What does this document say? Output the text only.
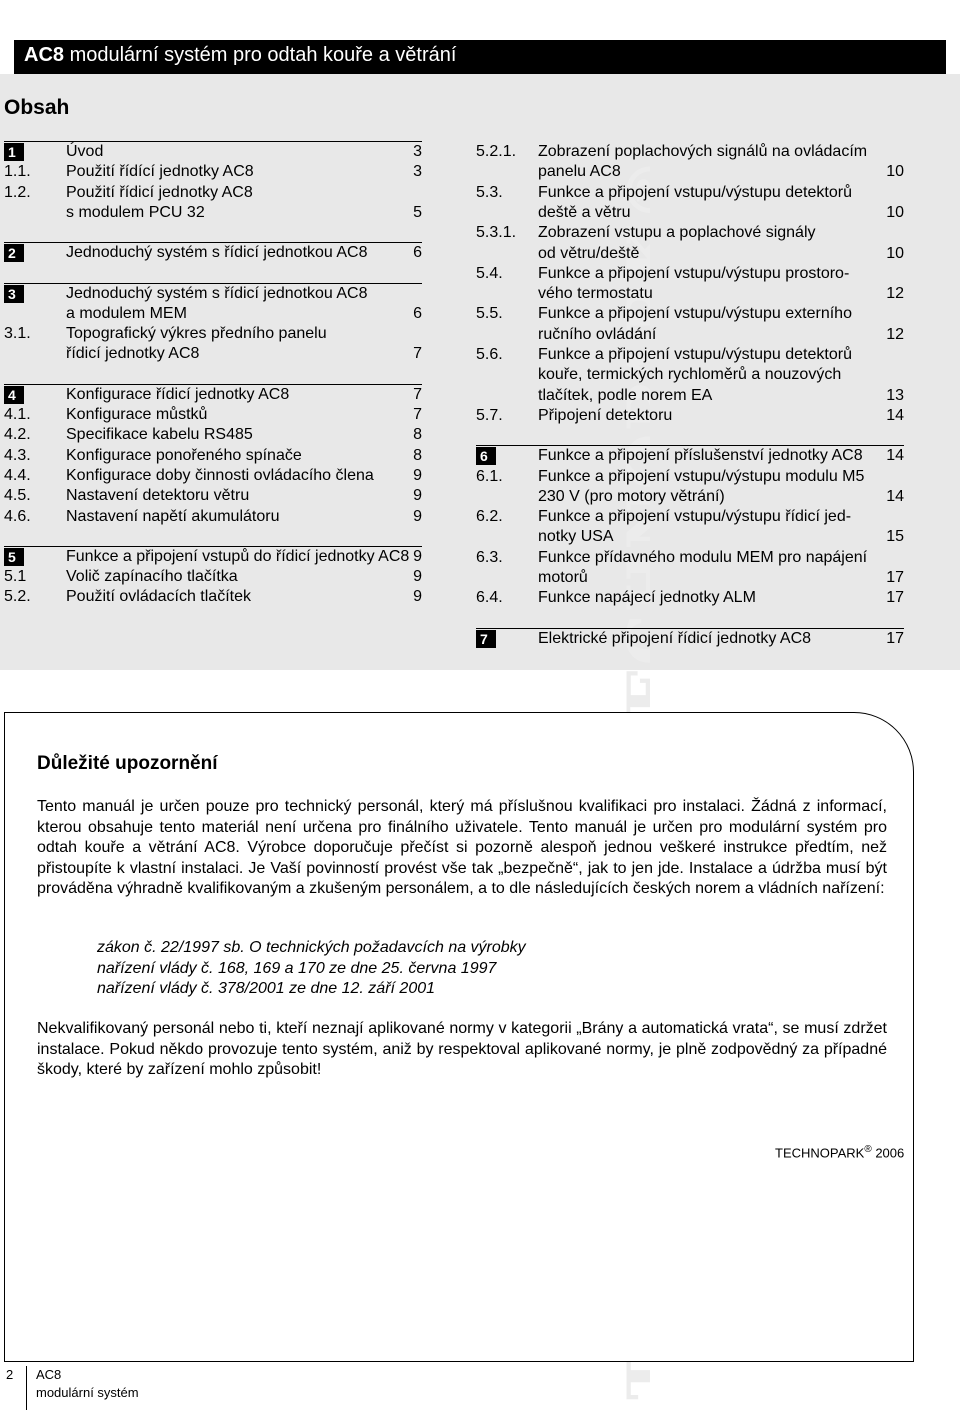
AC8 modulární systém pro odtah kouře a větrání
Obsah
1	Úvod	3
1.1. Použití řídící jednotky AC8	3
1.2. Použití řídicí jednotky AC8
s modulem PCU 32	5
2	Jednoduchý systém s řídicí jednotkou AC8	6
3	Jednoduchý systém s řídicí jednotkou AC8
a modulem MEM	6
3.1. Topografický výkres předního panelu
řídicí jednotky AC8	7
4	Konfigurace řídicí jednotky AC8	7
4.1. Konfigurace můstků	7
4.2. Specifikace kabelu RS485	8
4.3. Konfigurace ponořeného spínače	8
4.4. Konfigurace doby činnosti ovládacího člena 9
4.5. Nastavení detektoru větru	9
4.6. Nastavení napětí akumulátoru	9
5	Funkce a připojení vstupů do řídicí jednotky AC8 9
5.1 Volič zapínacího tlačítka	9
5.2. Použití ovládacích tlačítek	9
5.2.1. Zobrazení poplachových signálů na ovládacím
panelu AC8	10
5.3. Funkce a připojení vstupu/výstupu detektorů
deště a větru	10
5.3.1. Zobrazení vstupu a poplachové signály
od větru/deště	10
5.4. Funkce a připojení vstupu/výstupu prostoro-
vého termostatu	12
5.5. Funkce a připojení vstupu/výstupu externího
ručního ovládání	12
5.6. Funkce a připojení vstupu/výstupu detektorů
kouře, termických rychloměrů a nouzových
tlačítek, podle norem EA	13
5.7. Připojení detektoru	14
6	Funkce a připojení příslušenství jednotky AC8 14
6.1. Funkce a připojení vstupu/výstupu modulu M5
230 V (pro motory větrání)	14
6.2. Funkce a připojení vstupu/výstupu řídicí jed-
notky USA	15
6.3. Funkce přídavného modulu MEM pro napájení
motorů	17
6.4. Funkce napájecí jednotky ALM	17
7	Elektrické připojení řídicí jednotky AC8	17
Důležité upozornění

Tento manuál je určen pouze pro technický personál, který má příslušnou kvalifikaci pro instalaci. Žádná z informací, kterou obsahuje tento materiál není určena pro finálního uživatele. Tento manuál je určen pro modulární systém pro odtah kouře a větrání AC8. Výrobce doporučuje přečíst si pozorně alespoň jednou veškeré instrukce předtím, než přistoupíte k vlastní instalaci. Je Vaší povinností provést vše tak „bezpečně“, jak to jen jde. Instalace a údržba musí být prováděna výhradně kvalifikovaným a zkušeným personálem, a to dle následujících českých norem a vládních nařízení:

zákon č. 22/1997 sb. O technických požadavcích na výrobky
nařízení vlády č. 168, 169 a 170 ze dne 25. června 1997
nařízení vlády č. 378/2001 ze dne 12. září 2001

Nekvalifikovaný personál nebo ti, kteří neznají aplikované normy v kategorii „Brány a automatická vrata“, se musí zdržet instalace. Pokud někdo provozuje tento systém, aniž by respektoval aplikované normy, je plně zodpovědný za případné škody, které by zařízení mohlo způsobit!

TECHNOPARK® 2006
2 AC8
modulární systém
